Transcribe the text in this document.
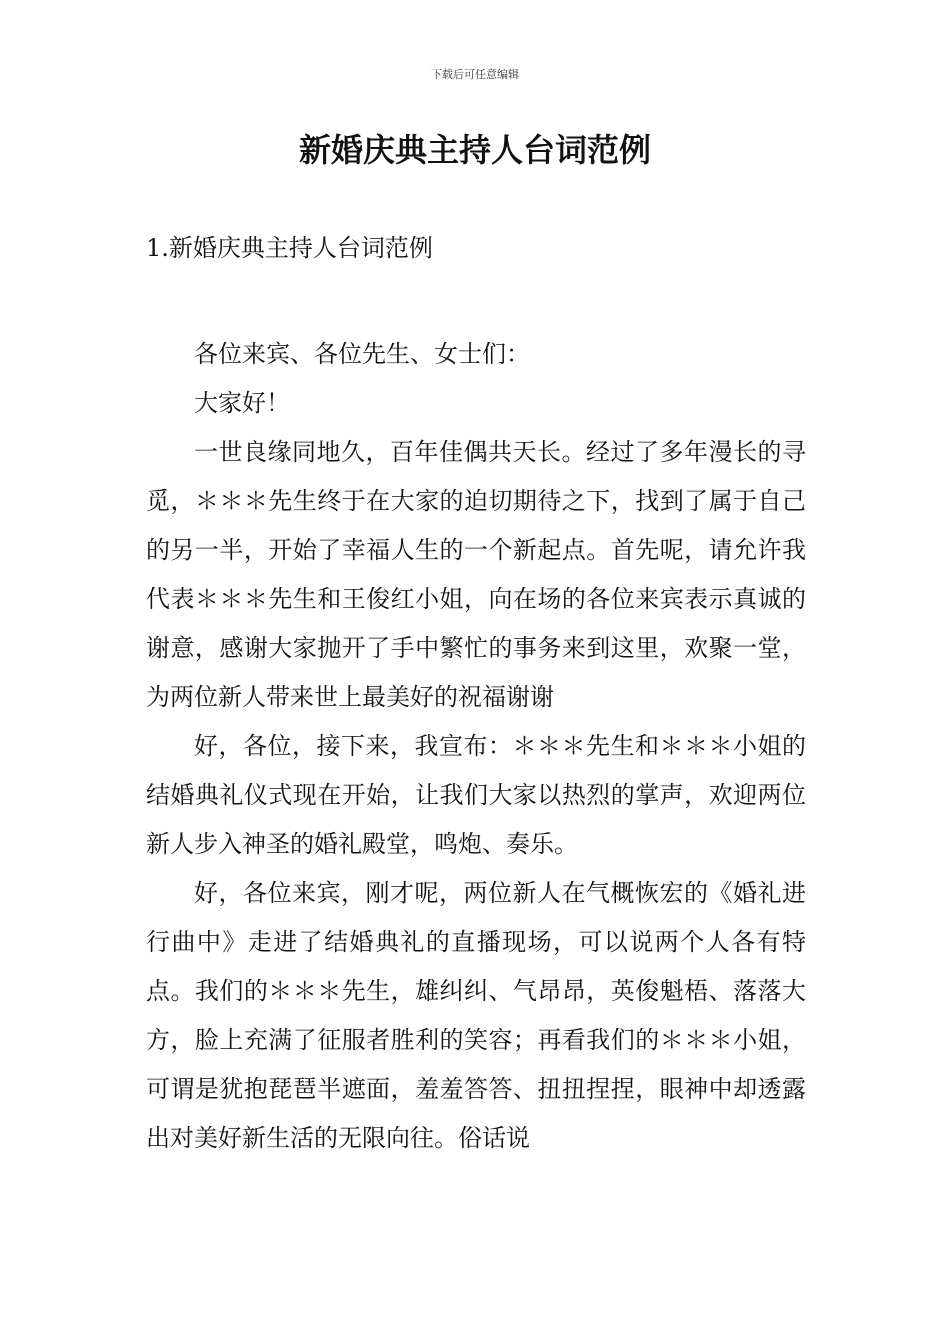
下载后可任意编辑
新婚庆典主持人台词范例
1.新婚庆典主持人台词范例

各位来宾、各位先生、女士们：

大家好！

一世良缘同地久，百年佳偶共天长。经过了多年漫长的寻觅，＊＊＊先生终于在大家的迫切期待之下，找到了属于自己的另一半，开始了幸福人生的一个新起点。首先呢，请允许我代表＊＊＊先生和王俊红小姐，向在场的各位来宾表示真诚的谢意，感谢大家抛开了手中繁忙的事务来到这里，欢聚一堂，为两位新人带来世上最美好的祝福谢谢

好，各位，接下来，我宣布：＊＊＊先生和＊＊＊小姐的结婚典礼仪式现在开始，让我们大家以热烈的掌声，欢迎两位新人步入神圣的婚礼殿堂，鸣炮、奏乐。

好，各位来宾，刚才呢，两位新人在气概恢宏的《婚礼进行曲中》走进了结婚典礼的直播现场，可以说两个人各有特点。我们的＊＊＊先生，雄纠纠、气昂昂，英俊魁梧、落落大方，脸上充满了征服者胜利的笑容；再看我们的＊＊＊小姐，可谓是犹抱琵琶半遮面，羞羞答答、扭扭捏捏，眼神中却透露出对美好新生活的无限向往。俗话说
